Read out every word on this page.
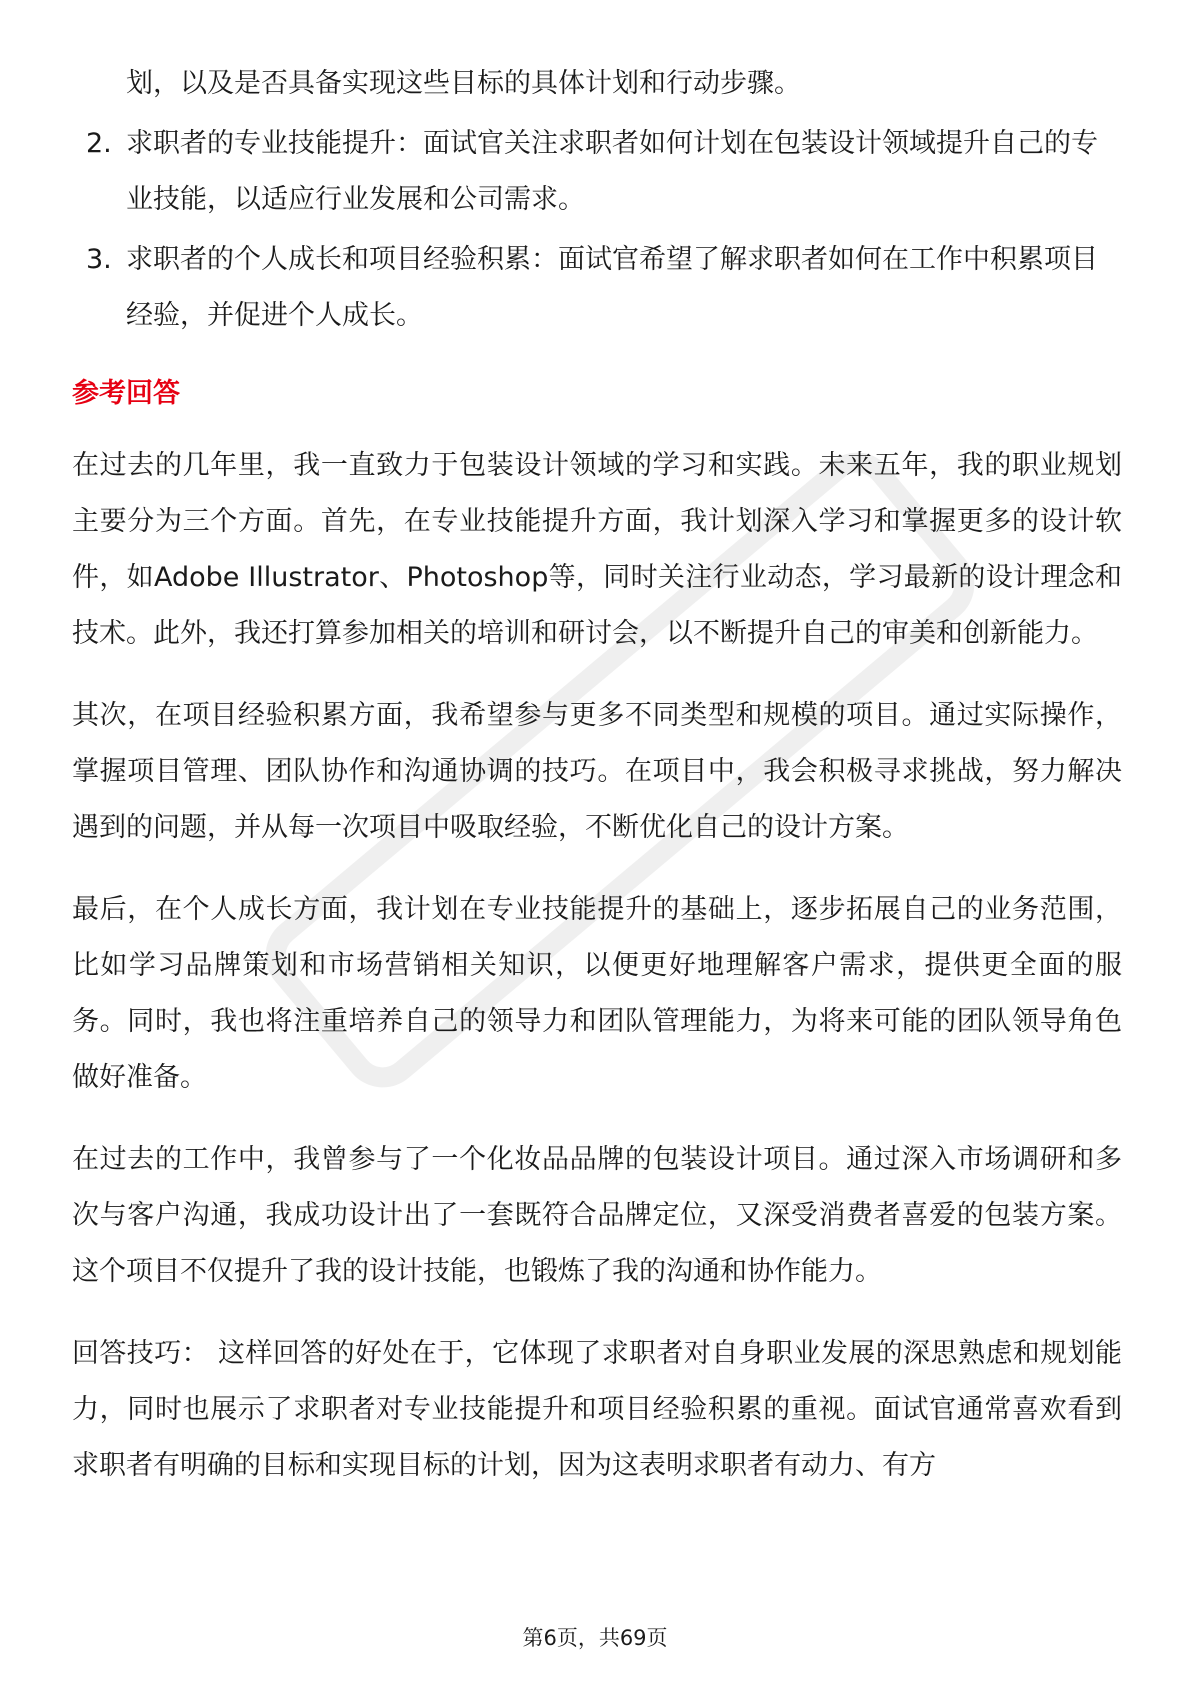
划，以及是否具备实现这些目标的具体计划和行动步骤。

2. 求职者的专业技能提升：面试官关注求职者如何计划在包装设计领域提升自己的专业技能，以适应行业发展和公司需求。
3. 求职者的个人成长和项目经验积累：面试官希望了解求职者如何在工作中积累项目经验，并促进个人成长。
参考回答

在过去的几年里，我一直致力于包装设计领域的学习和实践。未来五年，我的职业规划主要分为三个方面。首先，在专业技能提升方面，我计划深入学习和掌握更多的设计软件，如Adobe Illustrator、Photoshop等，同时关注行业动态，学习最新的设计理念和技术。此外，我还打算参加相关的培训和研讨会，以不断提升自己的审美和创新能力。

其次，在项目经验积累方面，我希望参与更多不同类型和规模的项目。通过实际操作，掌握项目管理、团队协作和沟通协调的技巧。在项目中，我会积极寻求挑战，努力解决遇到的问题，并从每一次项目中吸取经验，不断优化自己的设计方案。

最后，在个人成长方面，我计划在专业技能提升的基础上，逐步拓展自己的业务范围，比如学习品牌策划和市场营销相关知识，以便更好地理解客户需求，提供更全面的服务。同时，我也将注重培养自己的领导力和团队管理能力，为将来可能的团队领导角色做好准备。

在过去的工作中，我曾参与了一个化妆品品牌的包装设计项目。通过深入市场调研和多次与客户沟通，我成功设计出了一套既符合品牌定位，又深受消费者喜爱的包装方案。这个项目不仅提升了我的设计技能，也锻炼了我的沟通和协作能力。

回答技巧： 这样回答的好处在于，它体现了求职者对自身职业发展的深思熟虑和规划能力，同时也展示了求职者对专业技能提升和项目经验积累的重视。面试官通常喜欢看到求职者有明确的目标和实现目标的计划，因为这表明求职者有动力、有方

第6页，共69页
